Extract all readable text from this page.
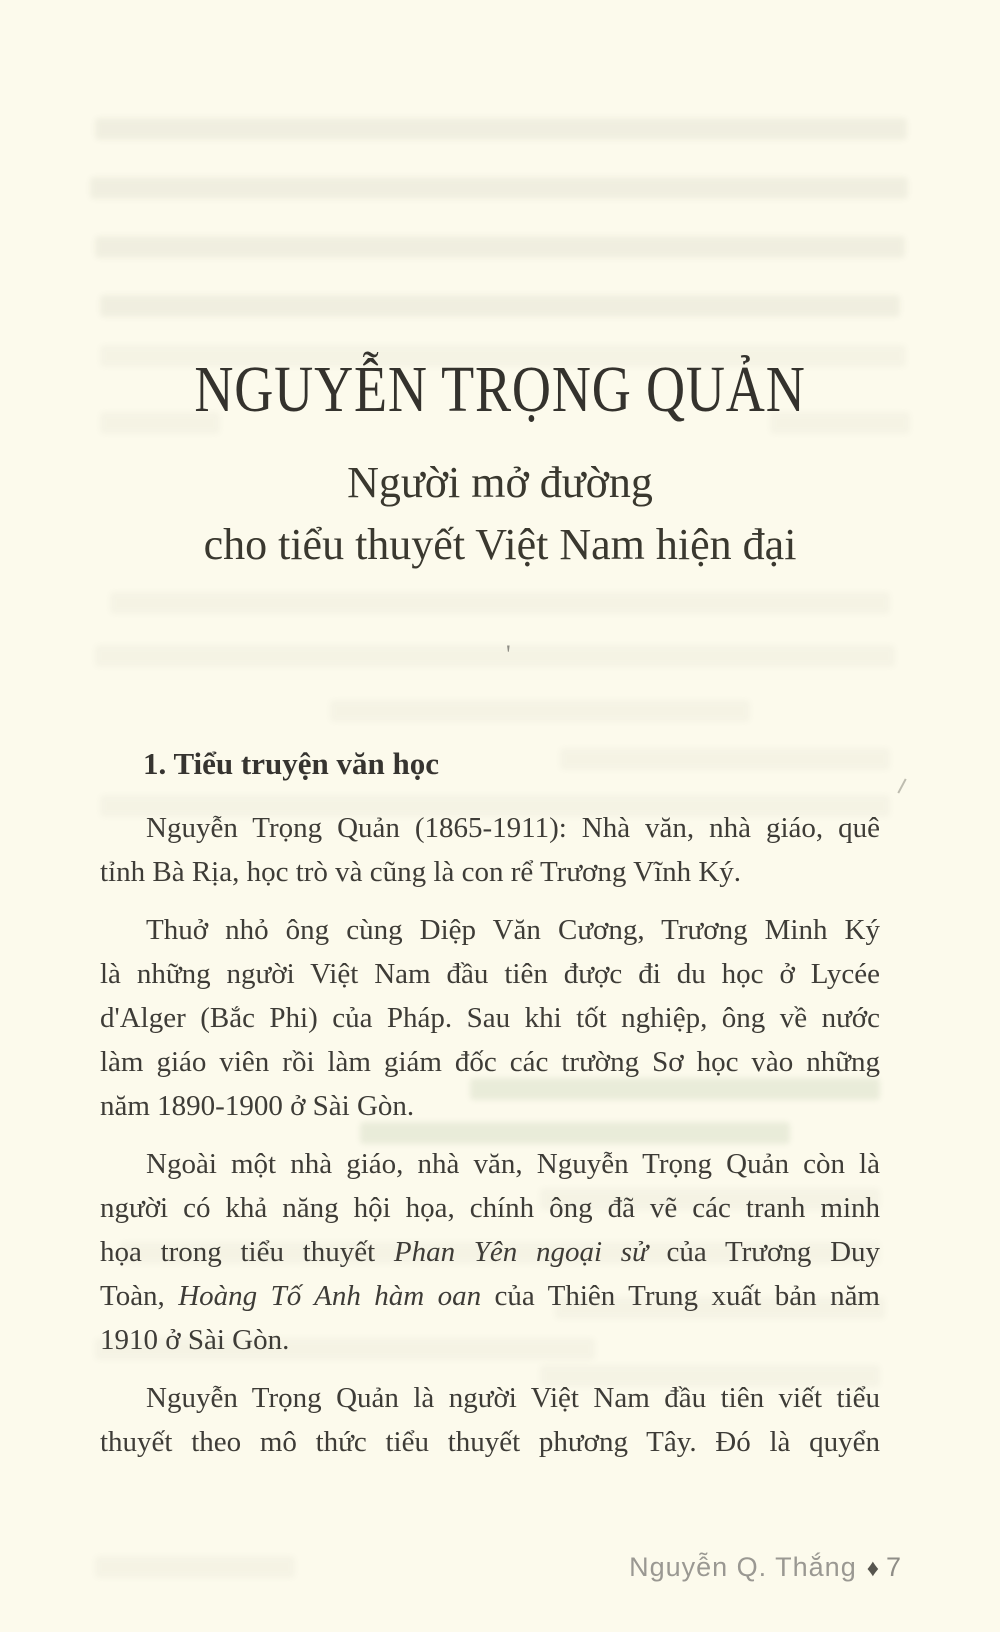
'
NGUYỄN TRỌNG QUẢN
Người mở đường
cho tiểu thuyết Việt Nam hiện đại
1. Tiểu truyện văn học
Nguyễn Trọng Quản (1865-1911): Nhà văn, nhà giáo, quê
tỉnh Bà Rịa, học trò và cũng là con rể Trương Vĩnh Ký.
Thuở nhỏ ông cùng Diệp Văn Cương, Trương Minh Ký
là những người Việt Nam đầu tiên được đi du học ở Lycée
d'Alger (Bắc Phi) của Pháp. Sau khi tốt nghiệp, ông về nước
làm giáo viên rồi làm giám đốc các trường Sơ học vào những
năm 1890-1900 ở Sài Gòn.
Ngoài một nhà giáo, nhà văn, Nguyễn Trọng Quản còn là
người có khả năng hội họa, chính ông đã vẽ các tranh minh
họa trong tiểu thuyết Phan Yên ngoại sử của Trương Duy
Toàn, Hoàng Tố Anh hàm oan của Thiên Trung xuất bản năm
1910 ở Sài Gòn.
Nguyễn Trọng Quản là người Việt Nam đầu tiên viết tiểu
thuyết theo mô thức tiểu thuyết phương Tây. Đó là quyển
Nguyễn Q. Thắng ♦ 7
